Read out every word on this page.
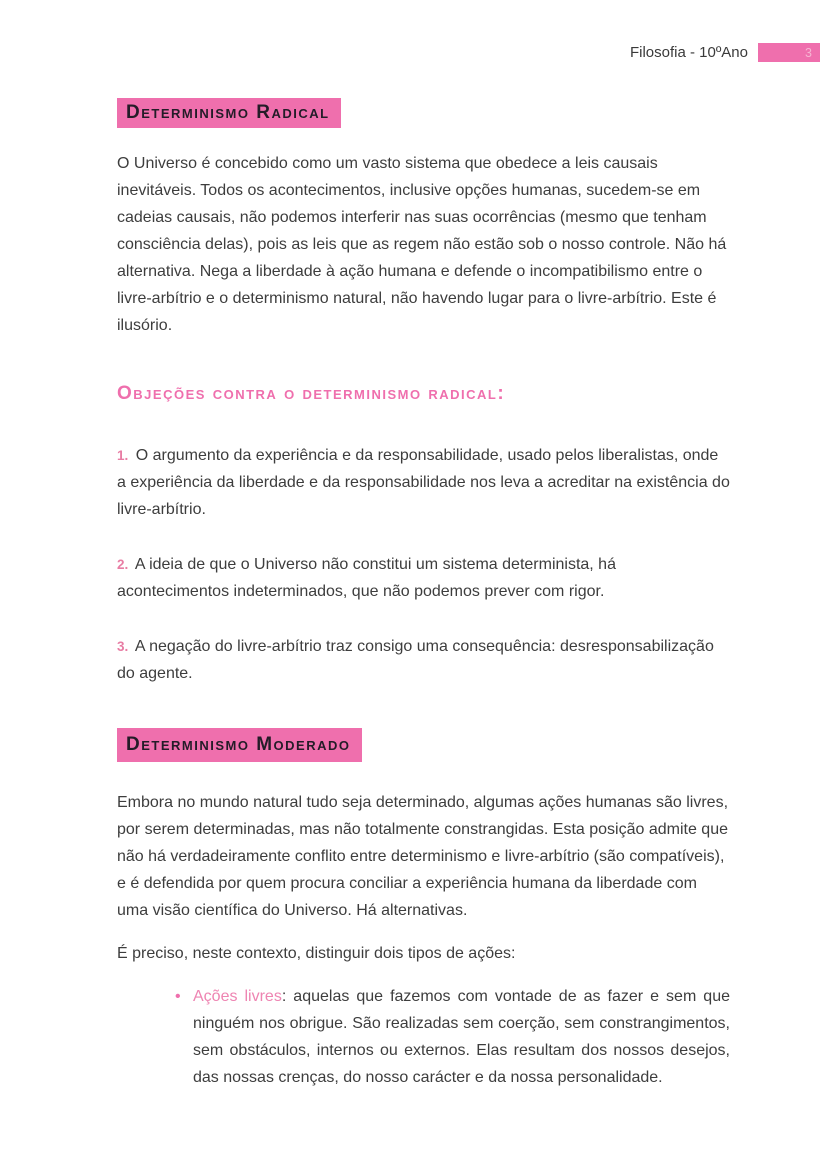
Filosofia - 10ºAno	3
Determinismo Radical

O Universo é concebido como um vasto sistema que obedece a leis causais inevitáveis. Todos os acontecimentos, inclusive opções humanas, sucedem-se em cadeias causais, não podemos interferir nas suas ocorrências (mesmo que tenham consciência delas), pois as leis que as regem não estão sob o nosso controle. Não há alternativa. Nega a liberdade à ação humana e defende o incompatibilismo entre o livre-arbítrio e o determinismo natural, não havendo lugar para o livre-arbítrio. Este é ilusório.

Objeções contra o determinismo radical:

1. O argumento da experiência e da responsabilidade, usado pelos liberalistas, onde a experiência da liberdade e da responsabilidade nos leva a acreditar na existência do livre-arbítrio.

2. A ideia de que o Universo não constitui um sistema determinista, há acontecimentos indeterminados, que não podemos prever com rigor.

3. A negação do livre-arbítrio traz consigo uma consequência: desresponsabilização do agente.

Determinismo Moderado

Embora no mundo natural tudo seja determinado, algumas ações humanas são livres, por serem determinadas, mas não totalmente constrangidas. Esta posição admite que não há verdadeiramente conflito entre determinismo e livre-arbítrio (são compatíveis), e é defendida por quem procura conciliar a experiência humana da liberdade com uma visão científica do Universo. Há alternativas.

É preciso, neste contexto, distinguir dois tipos de ações:

• Ações livres: aquelas que fazemos com vontade de as fazer e sem que ninguém nos obrigue. São realizadas sem coerção, sem constrangimentos, sem obstáculos, internos ou externos. Elas resultam dos nossos desejos, das nossas crenças, do nosso carácter e da nossa personalidade.
